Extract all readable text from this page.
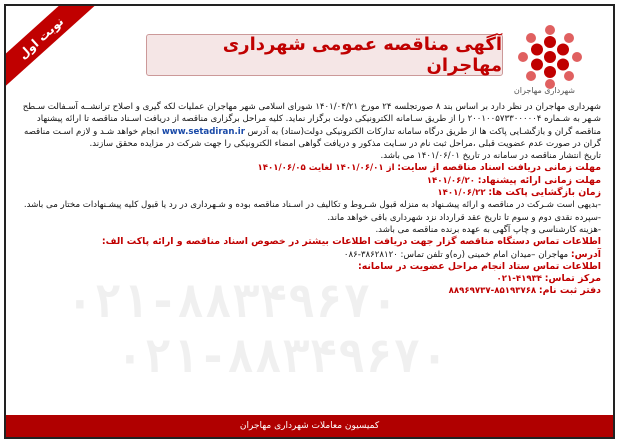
۰۲۱-۸۸۳۴۹۶۷۰
۰۲۱-۸۸۳۴۹۶۷۰
نوبت اول	آگهی مناقصه عمومی شهرداری مهاجران
شهرداری مهاجران

شهرداری مهاجران در نظر دارد بر اساس بند ۸ صورتجلسه ۲۴ مورخ ۱۴۰۱/۰۴/۲۱ شورای اسلامی شهر مهاجران عملیات لکه گیری و اصلاح ترانشــه آسـفالت سـطح شـهر به شـماره ۲۰۰۱۰۰۵۷۳۳۰۰۰۰۰۴ را از طریق سـامانه الکترونیکی دولت برگزار نماید. کلیه مراحل برگزاری مناقصه از دریافت اسـناد مناقصه تا ارائه پیشنهاد مناقصه گران و بازگشـایی پاکت ها از طریق درگاه سامانه تدارکات الکترونیکی دولت(ستاد) به آدرس www.setadiran.ir انجام خواهد شـد و لازم اسـت مناقصه گران در صورت عدم عضویت قبلی ،مراحل ثبت نام در سـایت مذکور و دریافت گواهی امضاء الکترونیکی را جهت شرکت در مزایده محقق سازند.

تاریخ انتشار مناقصه در سامانه در تاریخ ۱۴۰۱/۰۶/۰۱ می باشد.

مهلت زمانی دریافت اسناد مناقصه از سایت: از ۱۴۰۱/۰۶/۰۱ لغایت ۱۴۰۱/۰۶/۰۵

مهلت زمانی ارائه پیشنهاد: ۱۴۰۱/۰۶/۲۰

زمان بازگشایی پاکت ها: ۱۴۰۱/۰۶/۲۲

-بدیهی است شـرکت در مناقصه و ارائه پیشـنهاد به منزله قبول شـروط و تکالیف در اسـناد مناقصه بوده و شـهرداری در رد یا قبول کلیه پیشـنهادات مختار می باشد.

-سپرده نقدی دوم و سوم تا تاریخ عقد قرارداد نزد شهرداری باقی خواهد ماند.

-هزینه کارشناسی و چاپ آگهی به عهده برنده مناقصه می باشد.

اطلاعات تماس دستگاه مناقصه گزار جهت دریافت اطلاعات بیشتر در خصوص اسناد مناقصه و ارائه پاکت الف:

آدرس: مهاجران –میدان امام خمینی (ره)و تلفن تماس: ۳۸۶۲۸۱۲۰-۰۸۶

اطلاعات تماس ستاد انجام مراحل عضویت در سامانه:

مرکز تماس: ۴۱۹۳۴-۰۲۱

دفتر ثبت نام: ۸۵۱۹۳۷۶۸-۸۸۹۶۹۷۳۷

کمیسیون معاملات شهرداری مهاجران
